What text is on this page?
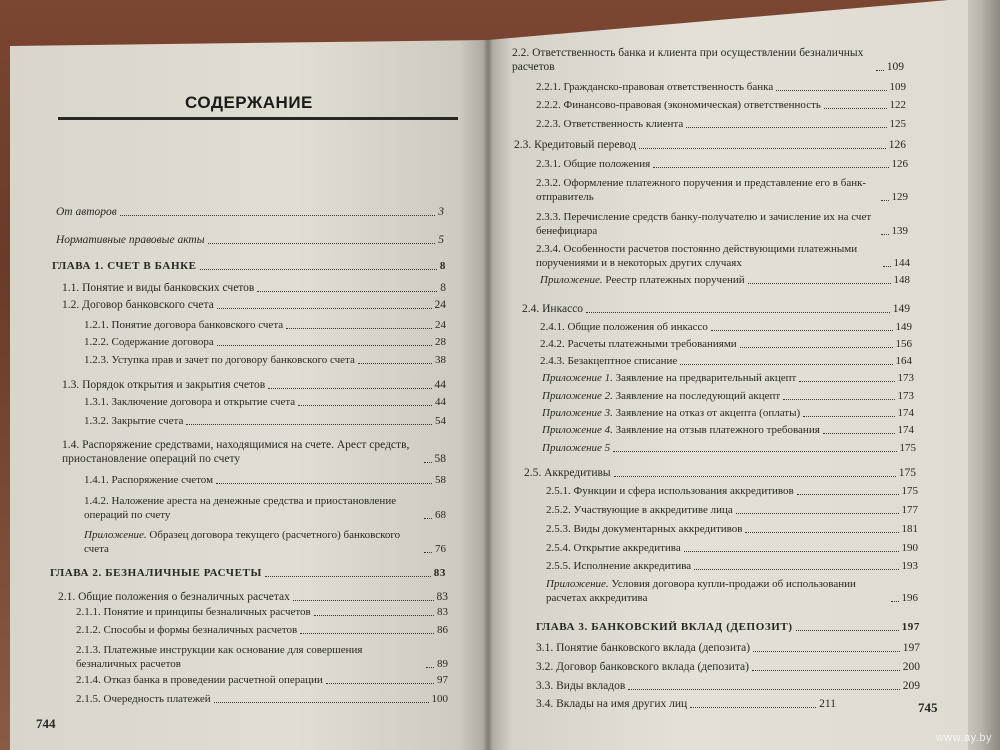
СОДЕРЖАНИЕ
От авторов	3
Нормативные правовые акты	5
ГЛАВА 1. СЧЕТ В БАНКЕ	8
1.1. Понятие и виды банковских счетов	8
1.2. Договор банковского счета	24
1.2.1. Понятие договора банковского счета	24
1.2.2. Содержание договора	28
1.2.3. Уступка прав и зачет по договору банковского счета	38
1.3. Порядок открытия и закрытия счетов	44
1.3.1. Заключение договора и открытие счета	44
1.3.2. Закрытие счета	54
1.4. Распоряжение средствами, находящимися на счете. Арест средств, приостановление операций по счету	58
1.4.1. Распоряжение счетом	58
1.4.2. Наложение ареста на денежные средства и приостановление операций по счету	68
Приложение. Образец договора текущего (расчетного) банковского счета	76
ГЛАВА 2. БЕЗНАЛИЧНЫЕ РАСЧЕТЫ	83
2.1. Общие положения о безналичных расчетах	83
2.1.1. Понятие и принципы безналичных расчетов	83
2.1.2. Способы и формы безналичных расчетов	86
2.1.3. Платежные инструкции как основание для совершения безналичных расчетов	89
2.1.4. Отказ банка в проведении расчетной операции	97
2.1.5. Очередность платежей	100
744
2.2. Ответственность банка и клиента при осуществлении безналичных расчетов	109
2.2.1. Гражданско-правовая ответственность банка	109
2.2.2. Финансово-правовая (экономическая) ответственность	122
2.2.3. Ответственность клиента	125
2.3. Кредитовый перевод	126
2.3.1. Общие положения	126
2.3.2. Оформление платежного поручения и представление его в банк-отправитель	129
2.3.3. Перечисление средств банку-получателю и зачисление их на счет бенефициара	139
2.3.4. Особенности расчетов постоянно действующими платежными поручениями и в некоторых других случаях	144
Приложение. Реестр платежных поручений	148
2.4. Инкассо	149
2.4.1. Общие положения об инкассо	149
2.4.2. Расчеты платежными требованиями	156
2.4.3. Безакцептное списание	164
Приложение 1. Заявление на предварительный акцепт	173
Приложение 2. Заявление на последующий акцепт	173
Приложение 3. Заявление на отказ от акцепта (оплаты)	174
Приложение 4. Заявление на отзыв платежного требования	174
Приложение 5	175
2.5. Аккредитивы	175
2.5.1. Функции и сфера использования аккредитивов	175
2.5.2. Участвующие в аккредитиве лица	177
2.5.3. Виды документарных аккредитивов	181
2.5.4. Открытие аккредитива	190
2.5.5. Исполнение аккредитива	193
Приложение. Условия договора купли-продажи об использовании расчетах аккредитива	196
ГЛАВА 3. БАНКОВСКИЙ ВКЛАД (ДЕПОЗИТ)	197
3.1. Понятие банковского вклада (депозита)	197
3.2. Договор банковского вклада (депозита)	200
3.3. Виды вкладов	209
3.4. Вклады на имя других лиц	211	745
www.ay.by
